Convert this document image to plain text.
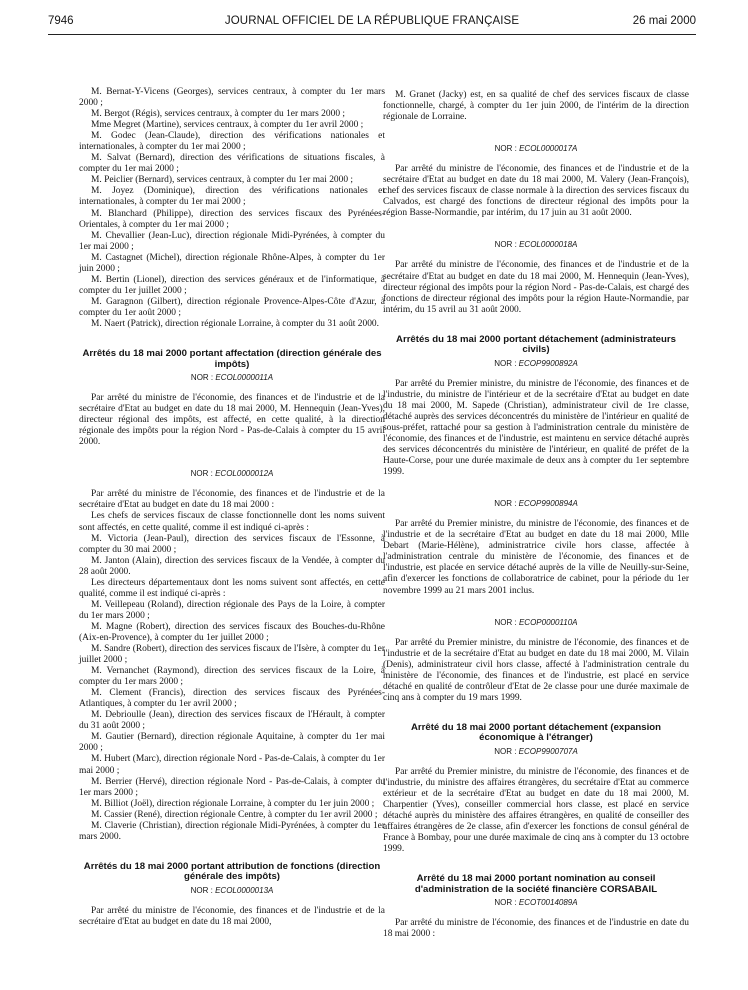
7946	JOURNAL OFFICIEL DE LA RÉPUBLIQUE FRANÇAISE	26 mai 2000

M. Bernat-Y-Vicens (Georges), services centraux, à compter du 1er mars 2000 ;

M. Bergot (Régis), services centraux, à compter du 1er mars 2000 ;

Mme Megret (Martine), services centraux, à compter du 1er avril 2000 ;

M. Godec (Jean-Claude), direction des vérifications nationales et internationales, à compter du 1er mai 2000 ;

M. Salvat (Bernard), direction des vérifications de situations fiscales, à compter du 1er mai 2000 ;

M. Peiclier (Bernard), services centraux, à compter du 1er mai 2000 ;

M. Joyez (Dominique), direction des vérifications nationales et internationales, à compter du 1er mai 2000 ;

M. Blanchard (Philippe), direction des services fiscaux des Pyrénées-Orientales, à compter du 1er mai 2000 ;

M. Chevallier (Jean-Luc), direction régionale Midi-Pyrénées, à compter du 1er mai 2000 ;

M. Castagnet (Michel), direction régionale Rhône-Alpes, à compter du 1er juin 2000 ;

M. Bertin (Lionel), direction des services généraux et de l'informatique, à compter du 1er juillet 2000 ;

M. Garagnon (Gilbert), direction régionale Provence-Alpes-Côte d'Azur, à compter du 1er août 2000 ;

M. Naert (Patrick), direction régionale Lorraine, à compter du 31 août 2000.

Arrêtés du 18 mai 2000 portant affectation (direction générale des impôts)

NOR : ECOL0000011A

Par arrêté du ministre de l'économie, des finances et de l'industrie et de la secrétaire d'Etat au budget en date du 18 mai 2000, M. Hennequin (Jean-Yves), directeur régional des impôts, est affecté, en cette qualité, à la direction régionale des impôts pour la région Nord - Pas-de-Calais à compter du 15 avril 2000.

NOR : ECOL0000012A

Par arrêté du ministre de l'économie, des finances et de l'industrie et de la secrétaire d'Etat au budget en date du 18 mai 2000 :

Les chefs de services fiscaux de classe fonctionnelle dont les noms suivent sont affectés, en cette qualité, comme il est indiqué ci-après :

M. Victoria (Jean-Paul), direction des services fiscaux de l'Essonne, à compter du 30 mai 2000 ;

M. Janton (Alain), direction des services fiscaux de la Vendée, à compter du 28 août 2000.

Les directeurs départementaux dont les noms suivent sont affectés, en cette qualité, comme il est indiqué ci-après :

M. Veillepeau (Roland), direction régionale des Pays de la Loire, à compter du 1er mars 2000 ;

M. Magne (Robert), direction des services fiscaux des Bouches-du-Rhône (Aix-en-Provence), à compter du 1er juillet 2000 ;

M. Sandre (Robert), direction des services fiscaux de l'Isère, à compter du 1er juillet 2000 ;

M. Vernanchet (Raymond), direction des services fiscaux de la Loire, à compter du 1er mars 2000 ;

M. Clement (Francis), direction des services fiscaux des Pyrénées-Atlantiques, à compter du 1er avril 2000 ;

M. Debrioulle (Jean), direction des services fiscaux de l'Hérault, à compter du 31 août 2000 ;

M. Gautier (Bernard), direction régionale Aquitaine, à compter du 1er mai 2000 ;

M. Hubert (Marc), direction régionale Nord - Pas-de-Calais, à compter du 1er mai 2000 ;

M. Berrier (Hervé), direction régionale Nord - Pas-de-Calais, à compter du 1er mars 2000 ;

M. Billiot (Joël), direction régionale Lorraine, à compter du 1er juin 2000 ;

M. Cassier (René), direction régionale Centre, à compter du 1er avril 2000 ;

M. Claverie (Christian), direction régionale Midi-Pyrénées, à compter du 1er mars 2000.

Arrêtés du 18 mai 2000 portant attribution de fonctions (direction générale des impôts)

NOR : ECOL0000013A

Par arrêté du ministre de l'économie, des finances et de l'industrie et de la secrétaire d'Etat au budget en date du 18 mai 2000,

M. Granet (Jacky) est, en sa qualité de chef des services fiscaux de classe fonctionnelle, chargé, à compter du 1er juin 2000, de l'intérim de la direction régionale de Lorraine.

NOR : ECOL0000017A

Par arrêté du ministre de l'économie, des finances et de l'industrie et de la secrétaire d'Etat au budget en date du 18 mai 2000, M. Valery (Jean-François), chef des services fiscaux de classe normale à la direction des services fiscaux du Calvados, est chargé des fonctions de directeur régional des impôts pour la région Basse-Normandie, par intérim, du 17 juin au 31 août 2000.

NOR : ECOL0000018A

Par arrêté du ministre de l'économie, des finances et de l'industrie et de la secrétaire d'Etat au budget en date du 18 mai 2000, M. Hennequin (Jean-Yves), directeur régional des impôts pour la région Nord - Pas-de-Calais, est chargé des fonctions de directeur régional des impôts pour la région Haute-Normandie, par intérim, du 15 avril au 31 août 2000.

Arrêtés du 18 mai 2000 portant détachement (administrateurs civils)

NOR : ECOP9900892A

Par arrêté du Premier ministre, du ministre de l'économie, des finances et de l'industrie, du ministre de l'intérieur et de la secrétaire d'Etat au budget en date du 18 mai 2000, M. Sapede (Christian), administrateur civil de 1re classe, détaché auprès des services déconcentrés du ministère de l'intérieur en qualité de sous-préfet, rattaché pour sa gestion à l'administration centrale du ministère de l'économie, des finances et de l'industrie, est maintenu en service détaché auprès des services déconcentrés du ministère de l'intérieur, en qualité de préfet de la Haute-Corse, pour une durée maximale de deux ans à compter du 1er septembre 1999.

NOR : ECOP9900894A

Par arrêté du Premier ministre, du ministre de l'économie, des finances et de l'industrie et de la secrétaire d'Etat au budget en date du 18 mai 2000, Mlle Debart (Marie-Hélène), administratrice civile hors classe, affectée à l'administration centrale du ministère de l'économie, des finances et de l'industrie, est placée en service détaché auprès de la ville de Neuilly-sur-Seine, afin d'exercer les fonctions de collaboratrice de cabinet, pour la période du 1er novembre 1999 au 21 mars 2001 inclus.

NOR : ECOP0000110A

Par arrêté du Premier ministre, du ministre de l'économie, des finances et de l'industrie et de la secrétaire d'Etat au budget en date du 18 mai 2000, M. Vilain (Denis), administrateur civil hors classe, affecté à l'administration centrale du ministère de l'économie, des finances et de l'industrie, est placé en service détaché en qualité de contrôleur d'Etat de 2e classe pour une durée maximale de cinq ans à compter du 19 mars 1999.

Arrêté du 18 mai 2000 portant détachement (expansion économique à l'étranger)

NOR : ECOP9900707A

Par arrêté du Premier ministre, du ministre de l'économie, des finances et de l'industrie, du ministre des affaires étrangères, du secrétaire d'Etat au commerce extérieur et de la secrétaire d'Etat au budget en date du 18 mai 2000, M. Charpentier (Yves), conseiller commercial hors classe, est placé en service détaché auprès du ministère des affaires étrangères, en qualité de conseiller des affaires étrangères de 2e classe, afin d'exercer les fonctions de consul général de France à Bombay, pour une durée maximale de cinq ans à compter du 13 octobre 1999.

Arrêté du 18 mai 2000 portant nomination au conseil d'administration de la société financière CORSABAIL

NOR : ECOT0014089A

Par arrêté du ministre de l'économie, des finances et de l'industrie en date du 18 mai 2000 :
